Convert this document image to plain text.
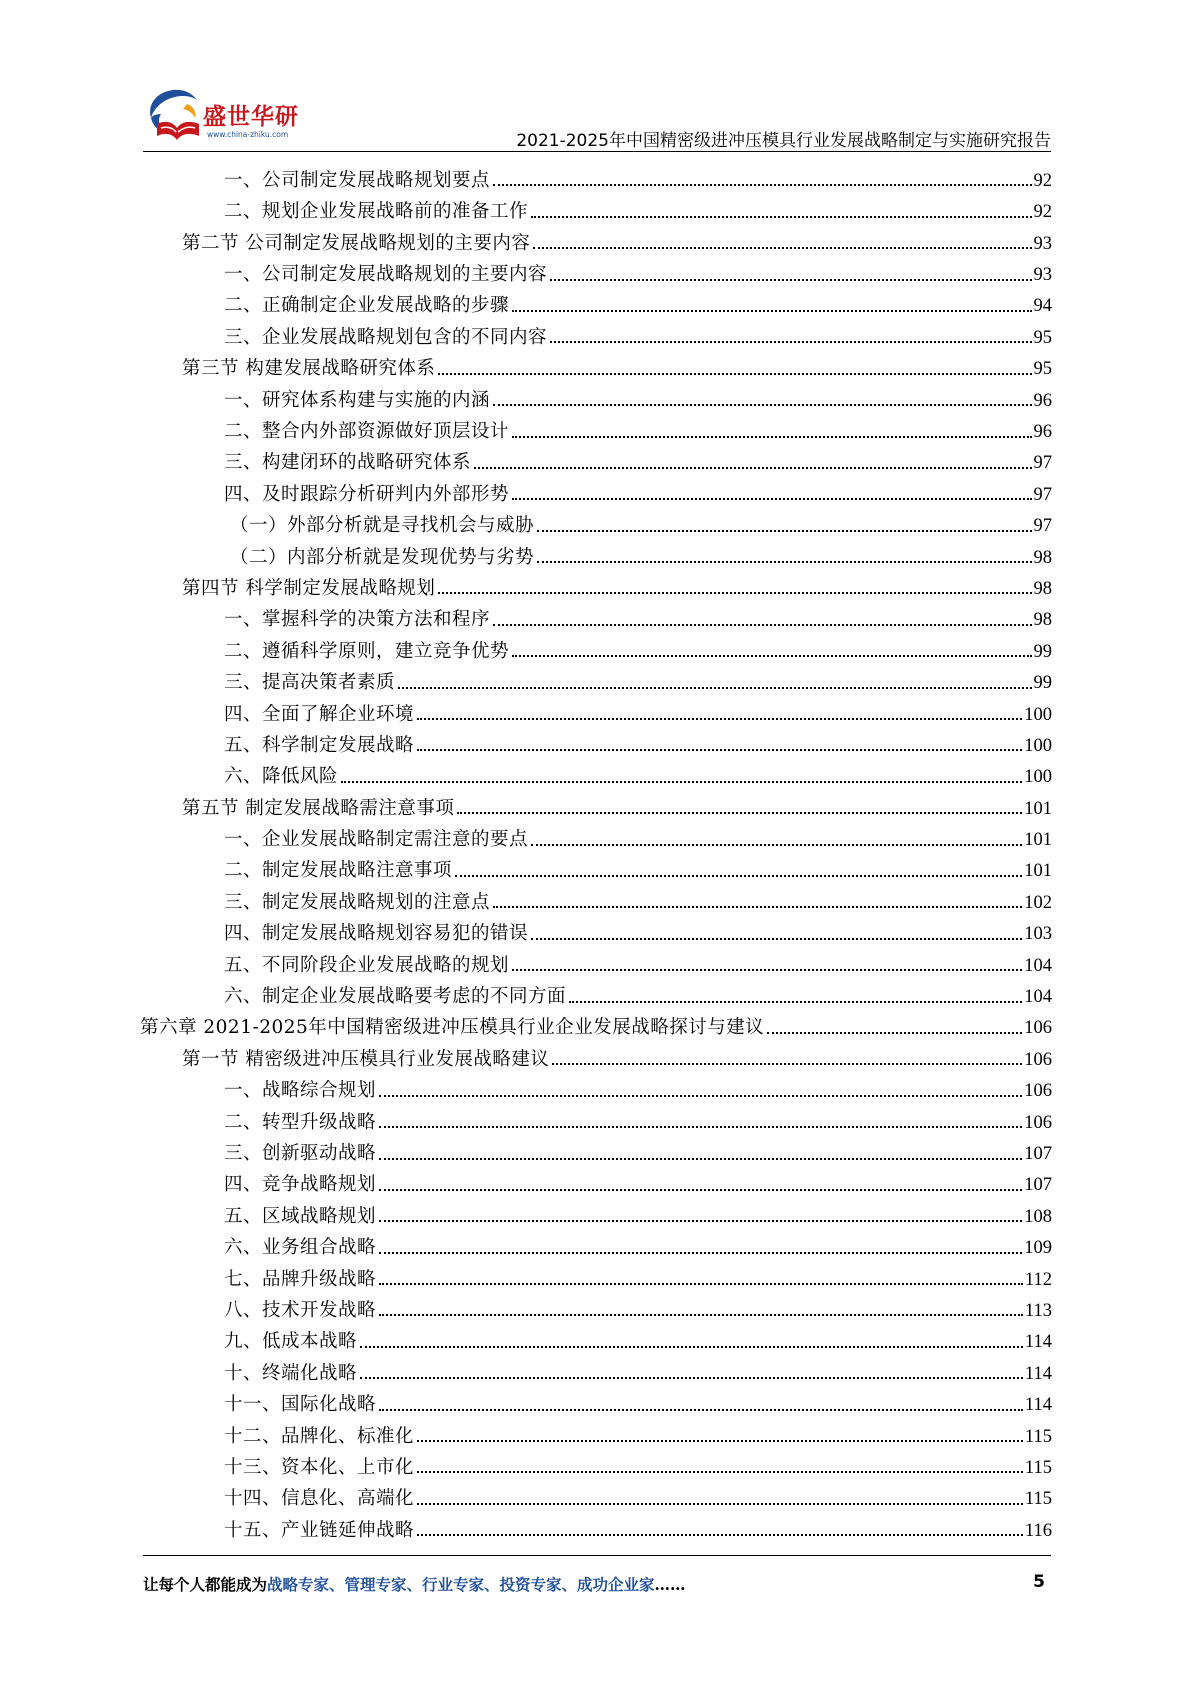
盛世华研
www.china-zhiku.com	2021-2025年中国精密级进冲压模具行业发展战略制定与实施研究报告
一、公司制定发展战略规划要点	92
二、规划企业发展战略前的准备工作	92
第二节 公司制定发展战略规划的主要内容	93
一、公司制定发展战略规划的主要内容	93
二、正确制定企业发展战略的步骤	94
三、企业发展战略规划包含的不同内容	95
第三节 构建发展战略研究体系	95
一、研究体系构建与实施的内涵	96
二、整合内外部资源做好顶层设计	96
三、构建闭环的战略研究体系	97
四、及时跟踪分析研判内外部形势	97
（一）外部分析就是寻找机会与威胁	97
（二）内部分析就是发现优势与劣势	98
第四节 科学制定发展战略规划	98
一、掌握科学的决策方法和程序	98
二、遵循科学原则，建立竞争优势	99
三、提高决策者素质	99
四、全面了解企业环境	100
五、科学制定发展战略	100
六、降低风险	100
第五节 制定发展战略需注意事项	101
一、企业发展战略制定需注意的要点	101
二、制定发展战略注意事项	101
三、制定发展战略规划的注意点	102
四、制定发展战略规划容易犯的错误	103
五、不同阶段企业发展战略的规划	104
六、制定企业发展战略要考虑的不同方面	104
第六章 2021-2025年中国精密级进冲压模具行业企业发展战略探讨与建议	106
第一节 精密级进冲压模具行业发展战略建议	106
一、战略综合规划	106
二、转型升级战略	106
三、创新驱动战略	107
四、竞争战略规划	107
五、区域战略规划	108
六、业务组合战略	109
七、品牌升级战略	112
八、技术开发战略	113
九、低成本战略	114
十、终端化战略	114
十一、国际化战略	114
十二、品牌化、标准化	115
十三、资本化、上市化	115
十四、信息化、高端化	115
十五、产业链延伸战略	116
让每个人都能成为战略专家、管理专家、行业专家、投资专家、成功企业家……	5
